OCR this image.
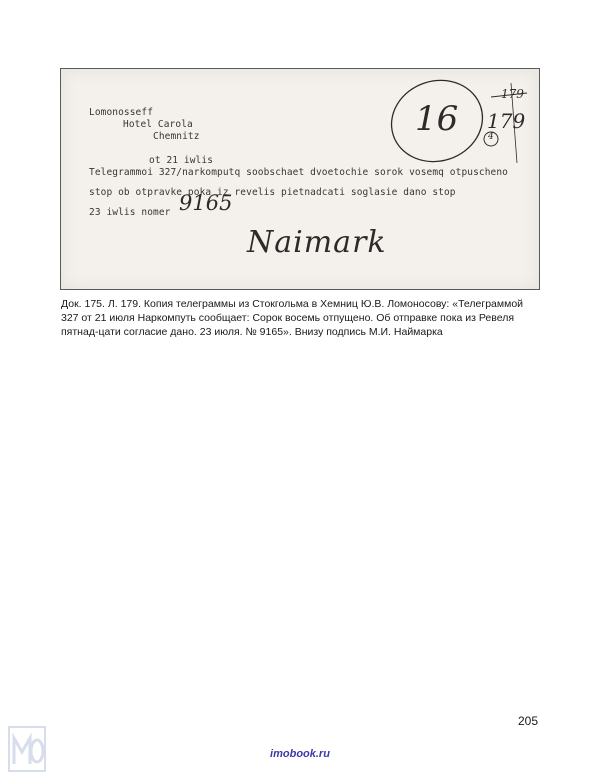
Lomonosseff

Hotel Carola

Chemnitz

ot 21 iwlis

Telegrammoi 327/narkomputq soobschaet dvoetochie sorok vosemq otpuscheno

stop ob otpravke poka iz revelis pietnadcati soglasie dano stop

23 iwlis nomer 9165

Naimark

16

179

179

4

Док. 175. Л. 179. Копия телеграммы из Стокгольма в Хемниц Ю.В. Ломоносову: «Телеграммой 327 от 21 июля Наркомпуть сообщает: Сорок восемь отпущено. Об отправке пока из Ревеля пятнад-цати согласие дано. 23 июля. № 9165». Внизу подпись М.И. Наймарка

205

imobook.ru
